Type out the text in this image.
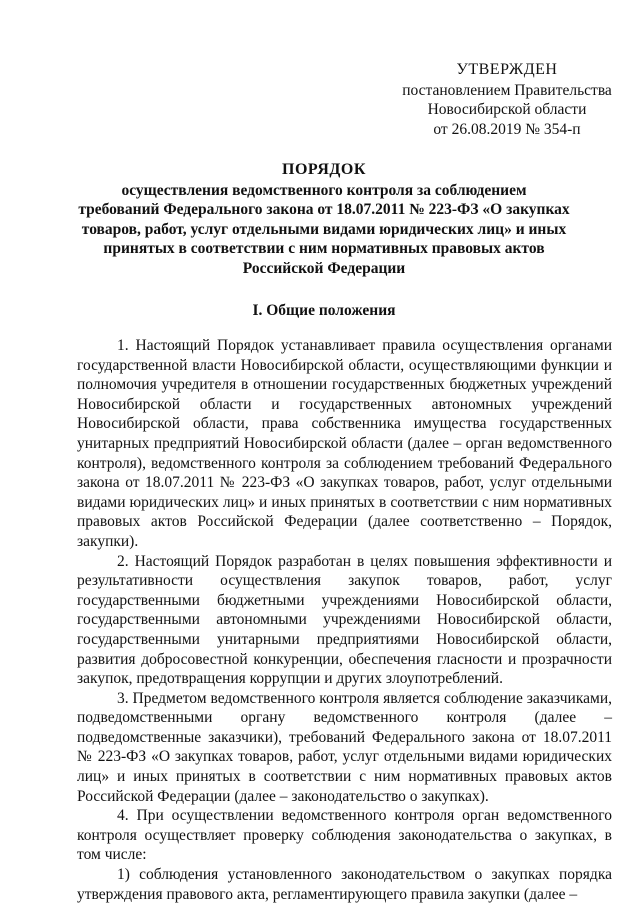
УТВЕРЖДЕН
постановлением Правительства
Новосибирской области
от 26.08.2019 № 354-п
ПОРЯДОК
осуществления ведомственного контроля за соблюдением
требований Федерального закона от 18.07.2011 № 223-ФЗ «О закупках
товаров, работ, услуг отдельными видами юридических лиц» и иных
принятых в соответствии с ним нормативных правовых актов
Российской Федерации
I. Общие положения

1. Настоящий Порядок устанавливает правила осуществления органами государственной власти Новосибирской области, осуществляющими функции и полномочия учредителя в отношении государственных бюджетных учреждений Новосибирской области и государственных автономных учреждений Новосибирской области, права собственника имущества государственных унитарных предприятий Новосибирской области (далее – орган ведомственного контроля), ведомственного контроля за соблюдением требований Федерального закона от 18.07.2011 № 223-ФЗ «О закупках товаров, работ, услуг отдельными видами юридических лиц» и иных принятых в соответствии с ним нормативных правовых актов Российской Федерации (далее соответственно – Порядок, закупки).

2. Настоящий Порядок разработан в целях повышения эффективности и результативности осуществления закупок товаров, работ, услуг государственными бюджетными учреждениями Новосибирской области, государственными автономными учреждениями Новосибирской области, государственными унитарными предприятиями Новосибирской области, развития добросовестной конкуренции, обеспечения гласности и прозрачности закупок, предотвращения коррупции и других злоупотреблений.

3. Предметом ведомственного контроля является соблюдение заказчиками, подведомственными органу ведомственного контроля (далее – подведомственные заказчики), требований Федерального закона от 18.07.2011 № 223-ФЗ «О закупках товаров, работ, услуг отдельными видами юридических лиц» и иных принятых в соответствии с ним нормативных правовых актов Российской Федерации (далее – законодательство о закупках).

4. При осуществлении ведомственного контроля орган ведомственного контроля осуществляет проверку соблюдения законодательства о закупках, в том числе:

1) соблюдения установленного законодательством о закупках порядка утверждения правового акта, регламентирующего правила закупки (далее –
